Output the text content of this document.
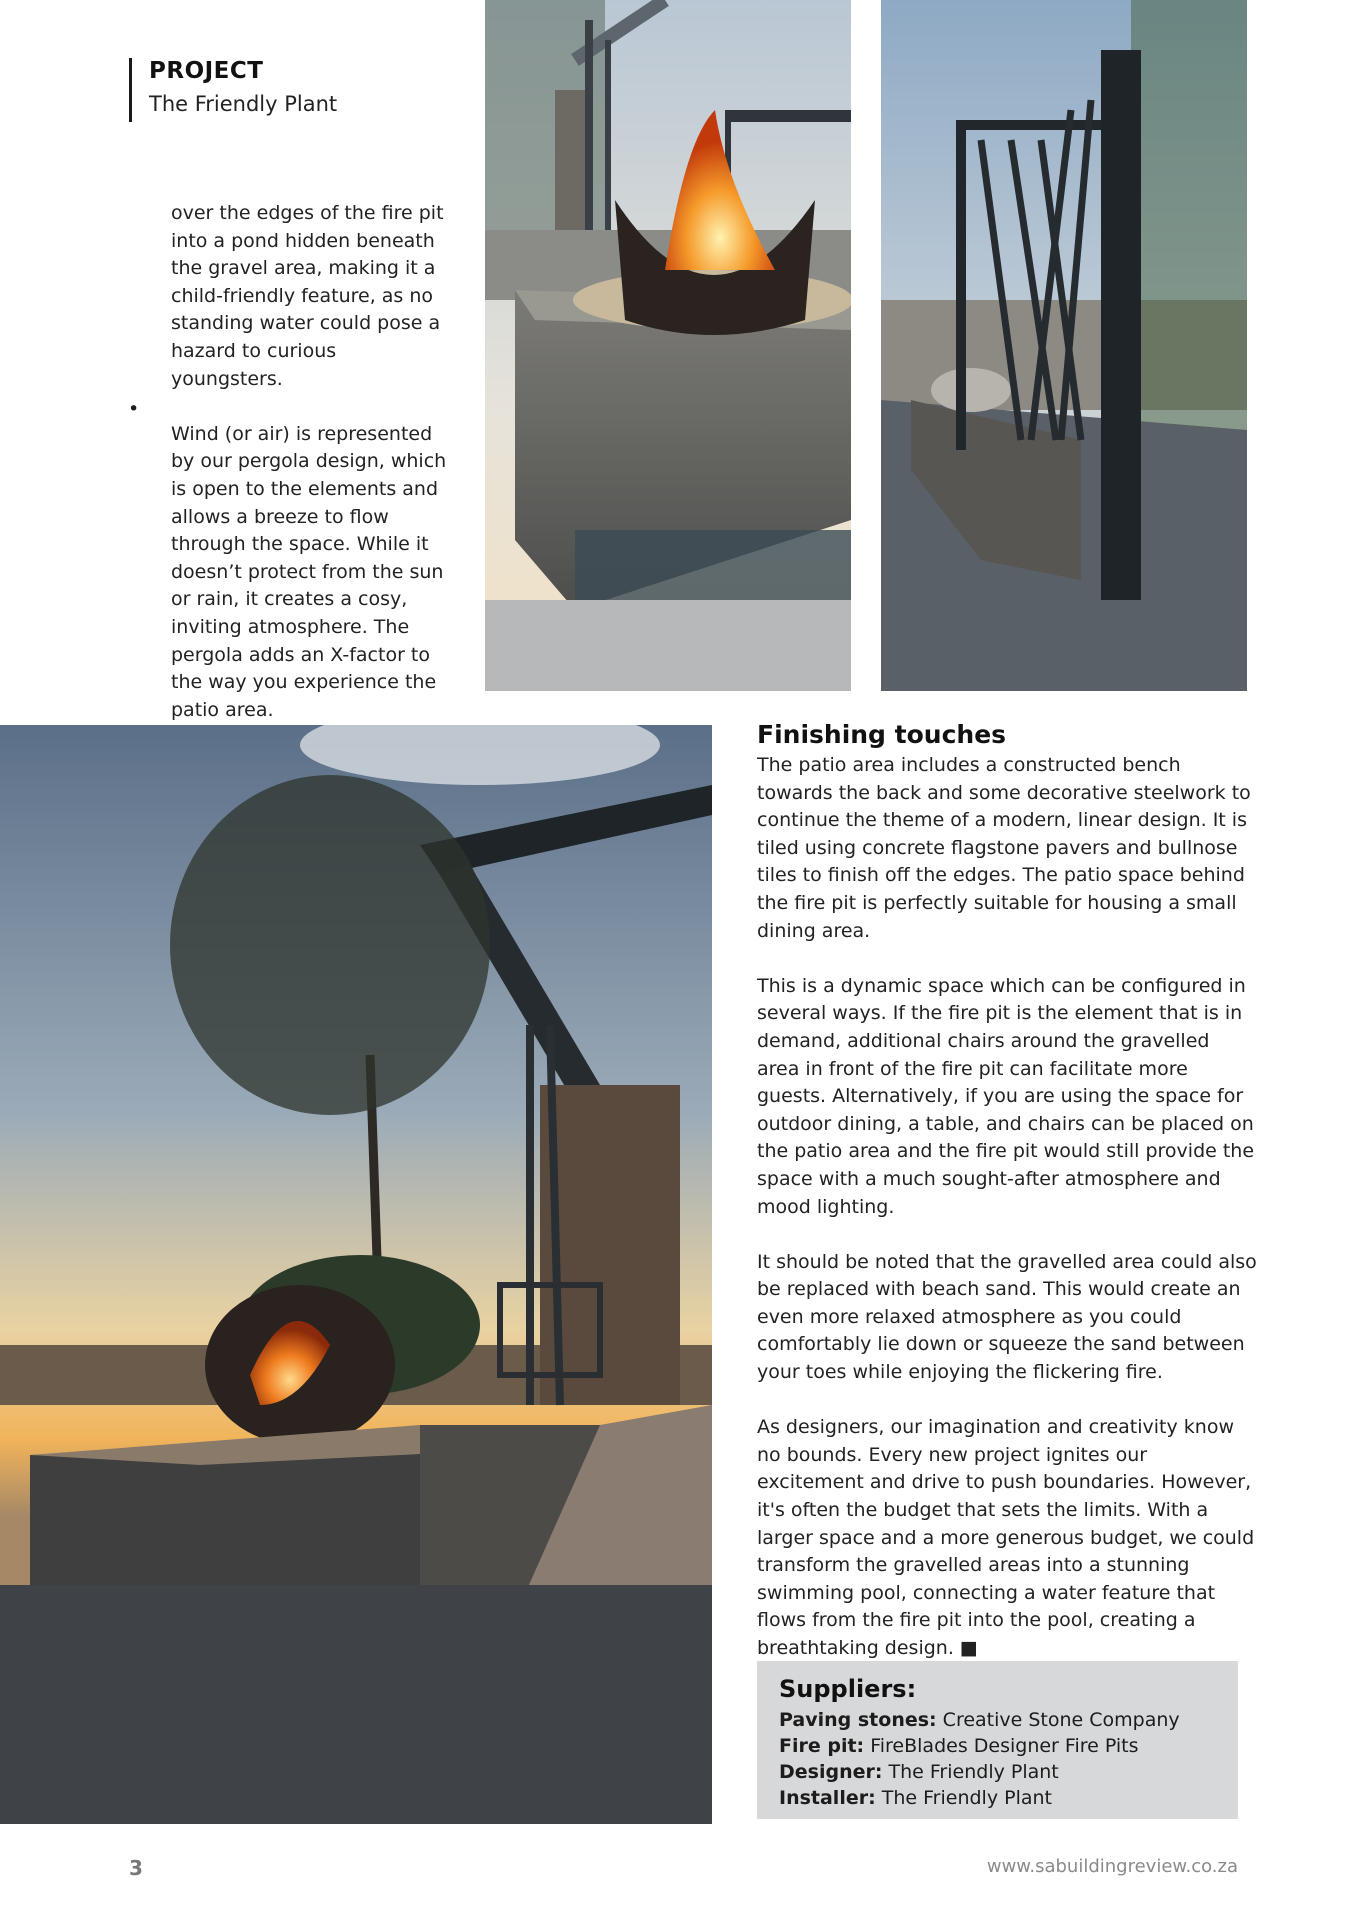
PROJECT
The Friendly Plant

over the edges of the fire pit into a pond hidden beneath the gravel area, making it a child-friendly feature, as no standing water could pose a hazard to curious youngsters.

Wind (or air) is represented by our pergola design, which is open to the elements and allows a breeze to flow through the space. While it doesn’t protect from the sun or rain, it creates a cosy, inviting atmosphere. The pergola adds an X-factor to the way you experience the patio area.

•
Finishing touches

The patio area includes a constructed bench towards the back and some decorative steelwork to continue the theme of a modern, linear design. It is tiled using concrete flagstone pavers and bullnose tiles to finish off the edges. The patio space behind the fire pit is perfectly suitable for housing a small dining area.

This is a dynamic space which can be configured in several ways. If the fire pit is the element that is in demand, additional chairs around the gravelled area in front of the fire pit can facilitate more guests. Alternatively, if you are using the space for outdoor dining, a table, and chairs can be placed on the patio area and the fire pit would still provide the space with a much sought-after atmosphere and mood lighting.

It should be noted that the gravelled area could also be replaced with beach sand. This would create an even more relaxed atmosphere as you could comfortably lie down or squeeze the sand between your toes while enjoying the flickering fire.

As designers, our imagination and creativity know no bounds. Every new project ignites our excitement and drive to push boundaries. However, it's often the budget that sets the limits. With a larger space and a more generous budget, we could transform the gravelled areas into a stunning swimming pool, connecting a water feature that flows from the fire pit into the pool, creating a breathtaking design. ■

Suppliers:
Paving stones: Creative Stone Company
Fire pit: FireBlades Designer Fire Pits
Designer: The Friendly Plant
Installer: The Friendly Plant
3	www.sabuildingreview.co.za
